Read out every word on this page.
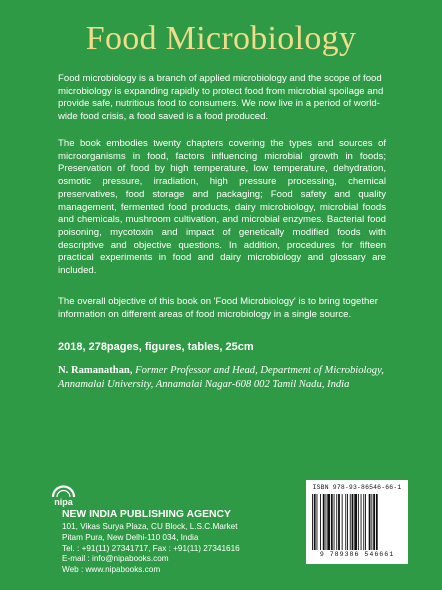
Food Microbiology

Food microbiology is a branch of applied microbiology and the scope of food microbiology is expanding rapidly to protect food from microbial spoilage and provide safe, nutritious food to consumers. We now live in a period of world-wide food crisis, a food saved is a food produced.

The book embodies twenty chapters covering the types and sources of microorganisms in food, factors influencing microbial growth in foods; Preservation of food by high temperature, low temperature, dehydration, osmotic pressure, irradiation, high pressure processing, chemical preservatives, food storage and packaging; Food safety and quality management, fermented food products, dairy microbiology, microbial foods and chemicals, mushroom cultivation, and microbial enzymes. Bacterial food poisoning, mycotoxin and impact of genetically modified foods with descriptive and objective questions. In addition, procedures for fifteen practical experiments in food and dairy microbiology and glossary are included.

The overall objective of this book on 'Food Microbiology' is to bring together information on different areas of food microbiology in a single source.

2018, 278pages, figures, tables, 25cm
N. Ramanathan, Former Professor and Head, Department of Microbiology, Annamalai University, Annamalai Nagar-608 002 Tamil Nadu, India
nipa
NEW INDIA PUBLISHING AGENCY
101, Vikas Surya Plaza, CU Block, L.S.C.Market
Pitam Pura, New Delhi-110 034, India
Tel. : +91(11) 27341717, Fax : +91(11) 27341616
E-mail : info@nipabooks.com
Web : www.nipabooks.com
ISBN 978-93-86546-66-1
9 789386 546661
